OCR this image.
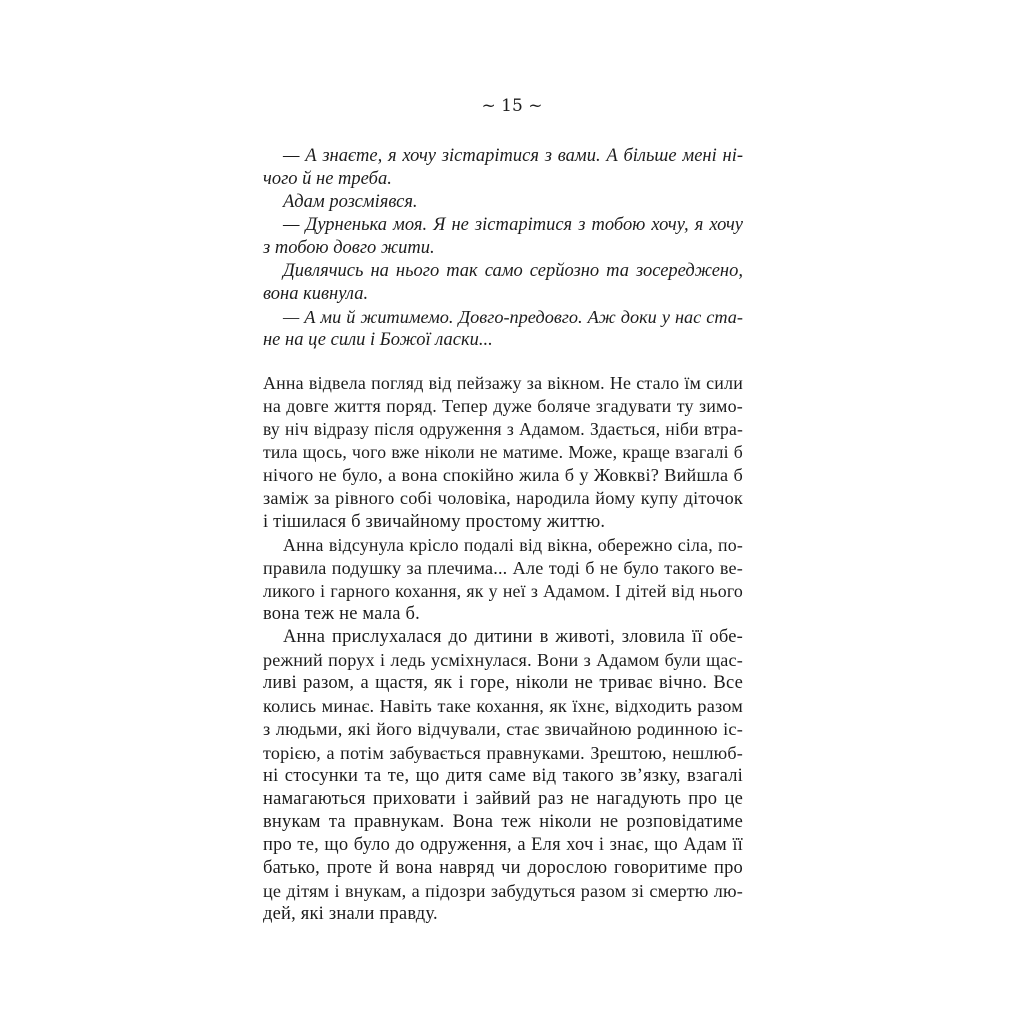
~ 15 ~
— А знаєте, я хочу зістарітися з вами. А більше мені ні-
чого й не треба.
Адам розсміявся.
— Дурненька моя. Я не зістарітися з тобою хочу, я хочу
з тобою довго жити.
Дивлячись на нього так само серйозно та зосереджено,
вона кивнула.
— А ми й житимемо. Довго-предовго. Аж доки у нас ста-
не на це сили і Божої ласки...
Анна відвела погляд від пейзажу за вікном. Не стало їм сили
на довге життя поряд. Тепер дуже боляче згадувати ту зимо-
ву ніч відразу після одруження з Адамом. Здається, ніби втра-
тила щось, чого вже ніколи не матиме. Може, краще взагалі б
нічого не було, а вона спокійно жила б у Жовкві? Вийшла б
заміж за рівного собі чоловіка, народила йому купу діточок
і тішилася б звичайному простому життю.
Анна відсунула крісло подалі від вікна, обережно сіла, по-
правила подушку за плечима... Але тоді б не було такого ве-
ликого і гарного кохання, як у неї з Адамом. І дітей від нього
вона теж не мала б.
Анна прислухалася до дитини в животі, зловила її обе-
режний порух і ледь усміхнулася. Вони з Адамом були щас-
ливі разом, а щастя, як і горе, ніколи не триває вічно. Все
колись минає. Навіть таке кохання, як їхнє, відходить разом
з людьми, які його відчували, стає звичайною родинною іс-
торією, а потім забувається правнуками. Зрештою, нешлюб-
ні стосунки та те, що дитя саме від такого зв’язку, взагалі
намагаються приховати і зайвий раз не нагадують про це
внукам та правнукам. Вона теж ніколи не розповідатиме
про те, що було до одруження, а Еля хоч і знає, що Адам її
батько, проте й вона навряд чи дорослою говоритиме про
це дітям і внукам, а підозри забудуться разом зі смертю лю-
дей, які знали правду.
